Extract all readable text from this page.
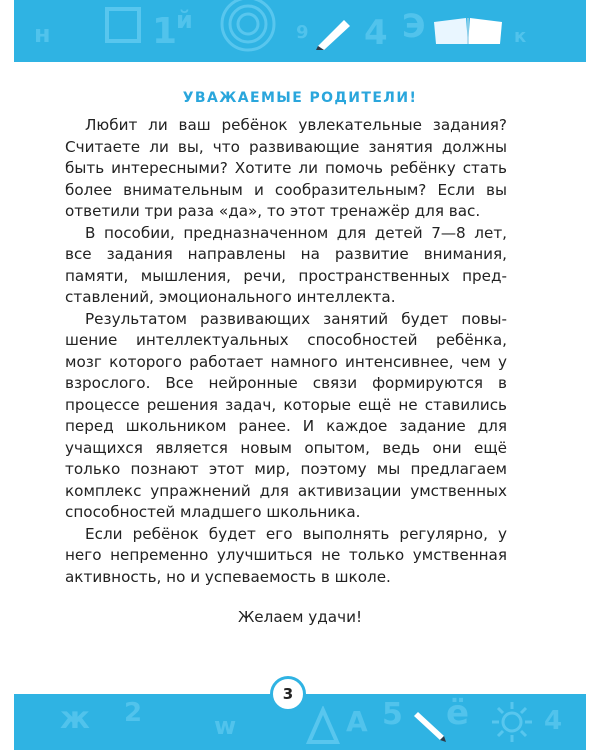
н	1
й	9 4 Э	к
УВАЖАЕМЫЕ РОДИТЕЛИ!

Любит ли ваш ребёнок увлекательные задания? Считаете ли вы, что развивающие занятия должны быть интересными? Хотите ли помочь ребёнку стать более внимательным и сообразительным? Если вы ответили три раза «да», то этот тренажёр для вас.

В пособии, предназначенном для детей 7—8 лет, все задания направлены на развитие внимания, памяти, мышления, речи, пространственных представлений, эмоционального интеллекта.

Результатом развивающих занятий будет повышение интеллектуальных способностей ребёнка, мозг которого работает намного интенсивнее, чем у взрослого. Все нейронные связи формируются в процессе решения задач, которые ещё не ставились перед школьником ранее. И каждое задание для учащихся является новым опытом, ведь они ещё только познают этот мир, поэтому мы предлагаем комплекс упражнений для активизации умственных способностей младшего школьника.

Если ребёнок будет его выполнять регулярно, у него непременно улучшиться не только умственная активность, но и успеваемость в школе.

Желаем удачи!
ж 2	w	А 5 ё	4
3
